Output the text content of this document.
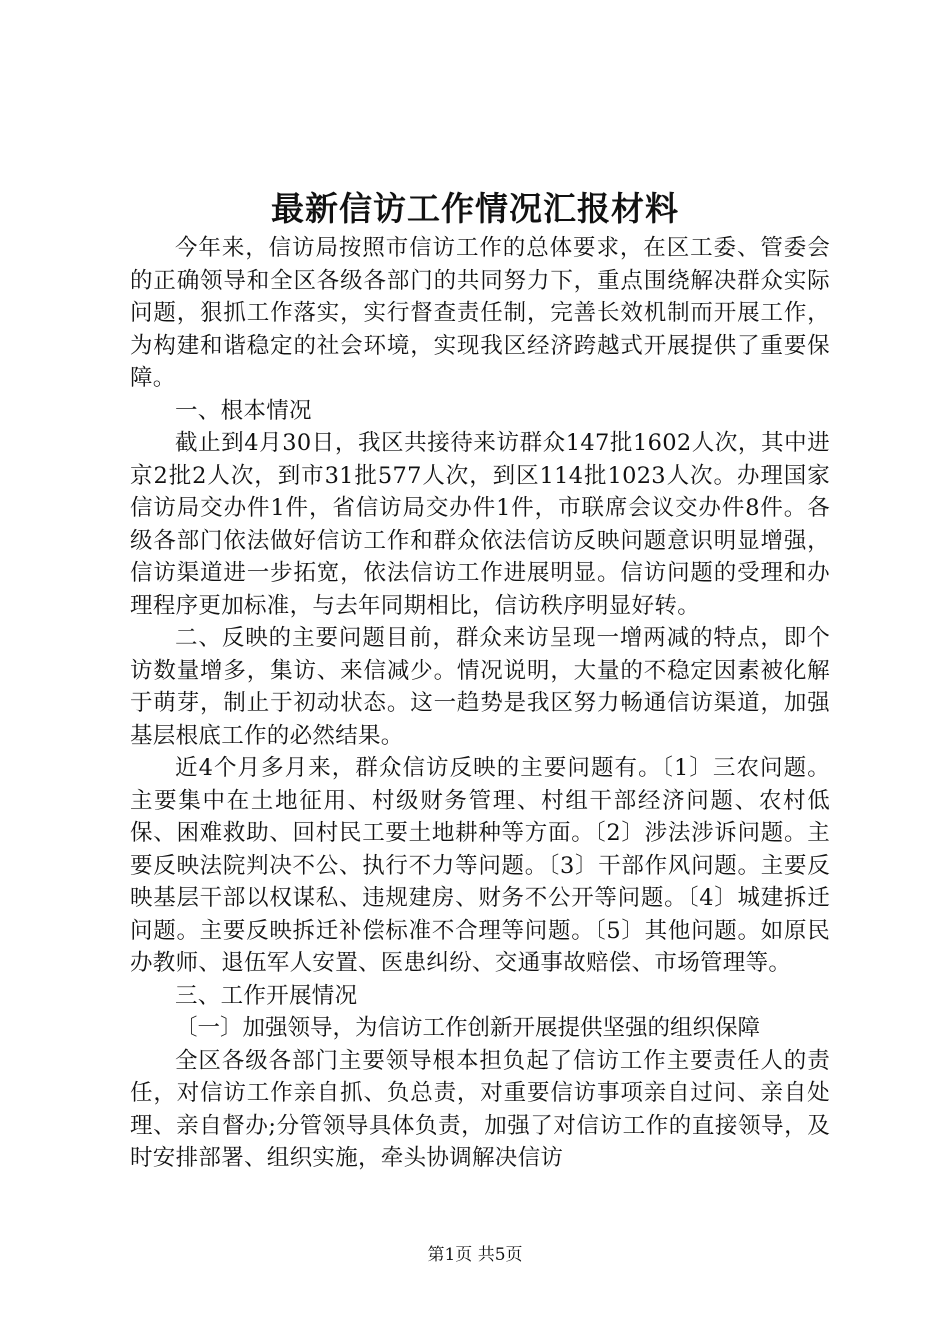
最新信访工作情况汇报材料

今年来，信访局按照市信访工作的总体要求，在区工委、管委会的正确领导和全区各级各部门的共同努力下，重点围绕解决群众实际问题，狠抓工作落实，实行督查责任制，完善长效机制而开展工作，为构建和谐稳定的社会环境，实现我区经济跨越式开展提供了重要保障。

一、根本情况

截止到4月30日，我区共接待来访群众147批1602人次，其中进京2批2人次，到市31批577人次，到区114批1023人次。办理国家信访局交办件1件，省信访局交办件1件，市联席会议交办件8件。各级各部门依法做好信访工作和群众依法信访反映问题意识明显增强，信访渠道进一步拓宽，依法信访工作进展明显。信访问题的受理和办理程序更加标准，与去年同期相比，信访秩序明显好转。

二、反映的主要问题目前，群众来访呈现一增两减的特点，即个访数量增多，集访、来信减少。情况说明，大量的不稳定因素被化解于萌芽，制止于初动状态。这一趋势是我区努力畅通信访渠道，加强基层根底工作的必然结果。

近4个月多月来，群众信访反映的主要问题有。〔1〕三农问题。主要集中在土地征用、村级财务管理、村组干部经济问题、农村低保、困难救助、回村民工要土地耕种等方面。〔2〕涉法涉诉问题。主要反映法院判决不公、执行不力等问题。〔3〕干部作风问题。主要反映基层干部以权谋私、违规建房、财务不公开等问题。〔4〕城建拆迁问题。主要反映拆迁补偿标准不合理等问题。〔5〕其他问题。如原民办教师、退伍军人安置、医患纠纷、交通事故赔偿、市场管理等。

三、工作开展情况

〔一〕加强领导，为信访工作创新开展提供坚强的组织保障

全区各级各部门主要领导根本担负起了信访工作主要责任人的责任，对信访工作亲自抓、负总责，对重要信访事项亲自过问、亲自处理、亲自督办;分管领导具体负责，加强了对信访工作的直接领导，及时安排部署、组织实施，牵头协调解决信访

第1页 共5页
